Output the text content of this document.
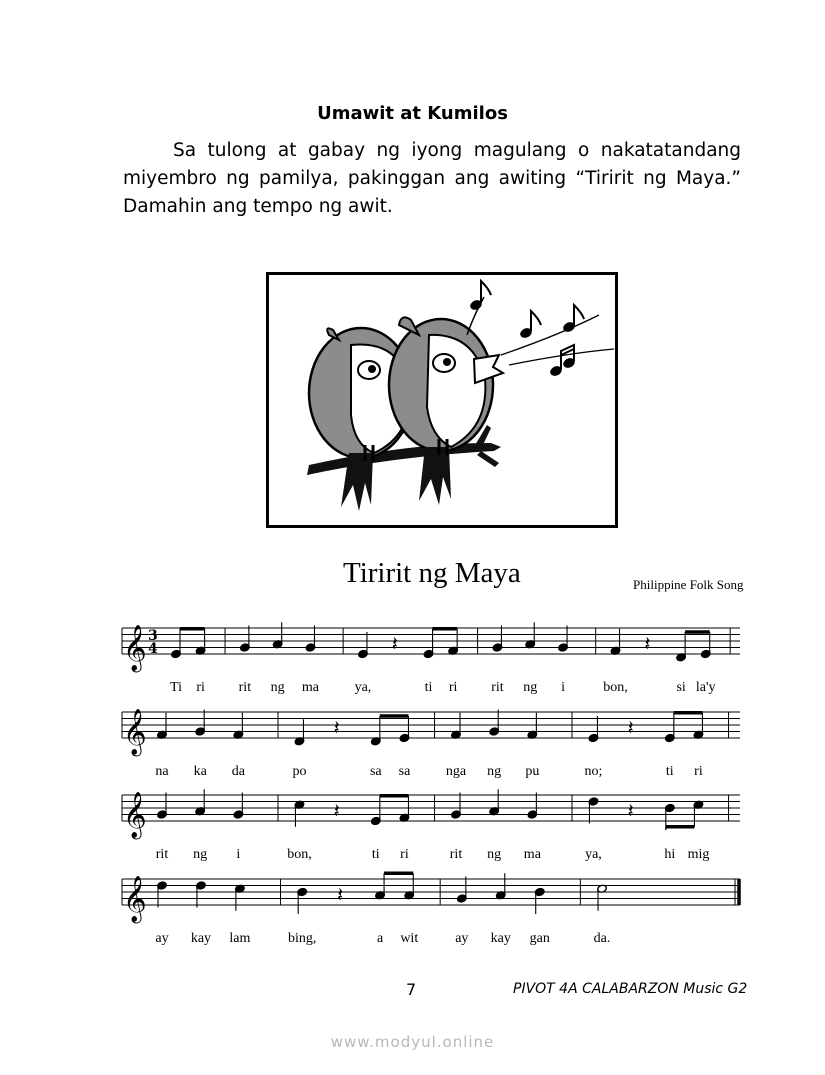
Umawit at Kumilos

Sa tulong at gabay ng iyong magulang o nakatatandang
miyembro ng pamilya, pakinggan ang awiting “Tiririt ng Maya.”
Damahin ang tempo ng awit.

Tiririt ng Maya	Philippine Folk Song
𝄞 3
4	𝄽	𝄽
𝄞	𝄽	𝄽
𝄞	𝄽	𝄽
𝄞	𝄽
Ti ri rit ng ma	ya,	ti ri rit ng i	bon,	si la'y
na ka da	po	sa sa	nga ng pu	no;	ti ri
rit ng i	bon,	ti ri	rit ng ma	ya,	hi mig
ay kay lam	bing,	a wit	ay kay gan	da.
7	PIVOT 4A CALABARZON Music G2
www.modyul.online
